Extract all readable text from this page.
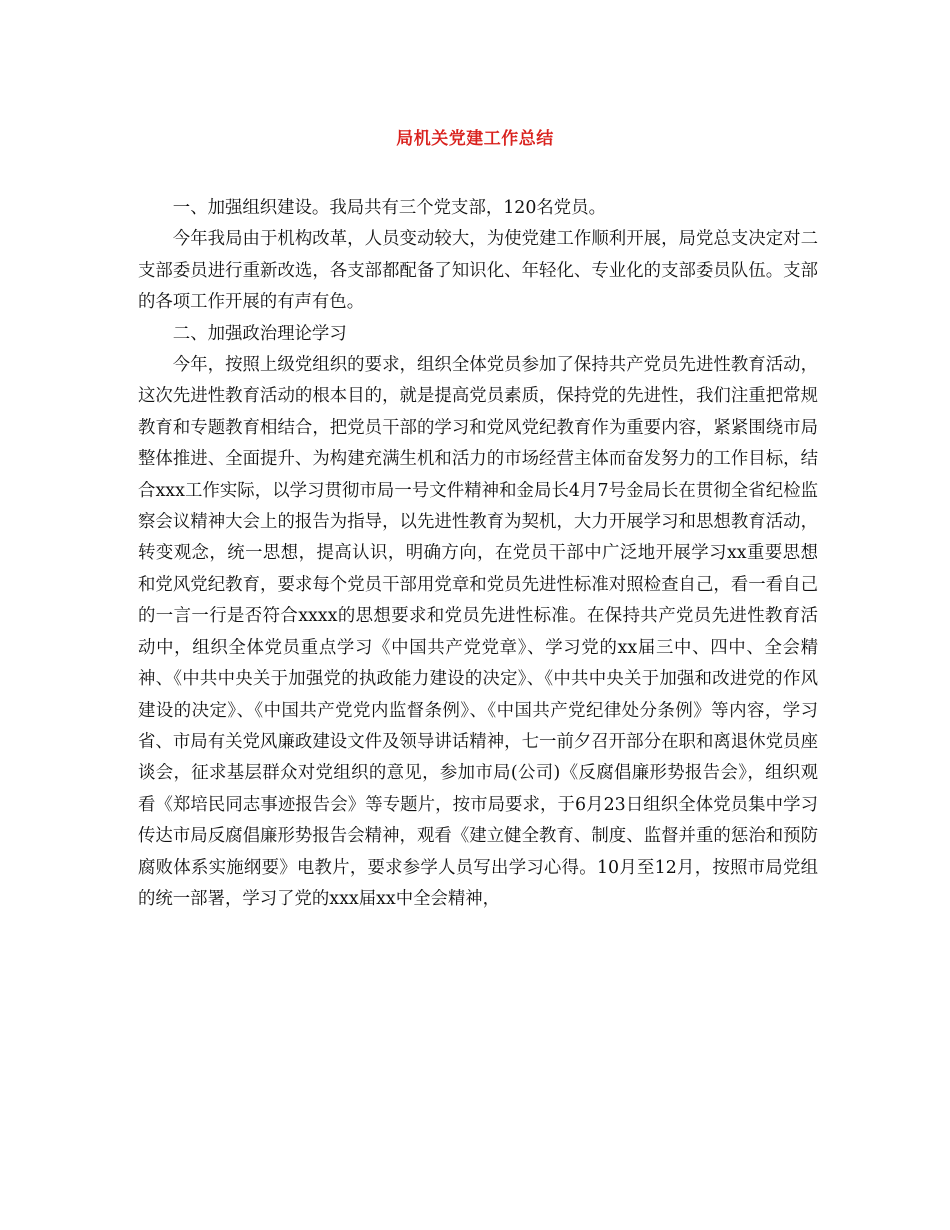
局机关党建工作总结

一、加强组织建设。我局共有三个党支部，120名党员。

今年我局由于机构改革，人员变动较大，为使党建工作顺利开展，局党总支决定对二支部委员进行重新改选，各支部都配备了知识化、年轻化、专业化的支部委员队伍。支部的各项工作开展的有声有色。

二、加强政治理论学习

今年，按照上级党组织的要求，组织全体党员参加了保持共产党员先进性教育活动，这次先进性教育活动的根本目的，就是提高党员素质，保持党的先进性，我们注重把常规教育和专题教育相结合，把党员干部的学习和党风党纪教育作为重要内容，紧紧围绕市局整体推进、全面提升、为构建充满生机和活力的市场经营主体而奋发努力的工作目标，结合xxx工作实际，以学习贯彻市局一号文件精神和金局长4月7号金局长在贯彻全省纪检监察会议精神大会上的报告为指导，以先进性教育为契机，大力开展学习和思想教育活动，转变观念，统一思想，提高认识，明确方向，在党员干部中广泛地开展学习xx重要思想和党风党纪教育，要求每个党员干部用党章和党员先进性标准对照检查自己，看一看自己的一言一行是否符合xxxx的思想要求和党员先进性标准。在保持共产党员先进性教育活动中，组织全体党员重点学习《中国共产党党章》、学习党的xx届三中、四中、全会精神、《中共中央关于加强党的执政能力建设的决定》、《中共中央关于加强和改进党的作风建设的决定》、《中国共产党党内监督条例》、《中国共产党纪律处分条例》等内容，学习省、市局有关党风廉政建设文件及领导讲话精神，七一前夕召开部分在职和离退休党员座谈会，征求基层群众对党组织的意见，参加市局(公司)《反腐倡廉形势报告会》，组织观看《郑培民同志事迹报告会》等专题片，按市局要求，于6月23日组织全体党员集中学习传达市局反腐倡廉形势报告会精神，观看《建立健全教育、制度、监督并重的惩治和预防腐败体系实施纲要》电教片，要求参学人员写出学习心得。10月至12月，按照市局党组的统一部署，学习了党的xxx届xx中全会精神，
